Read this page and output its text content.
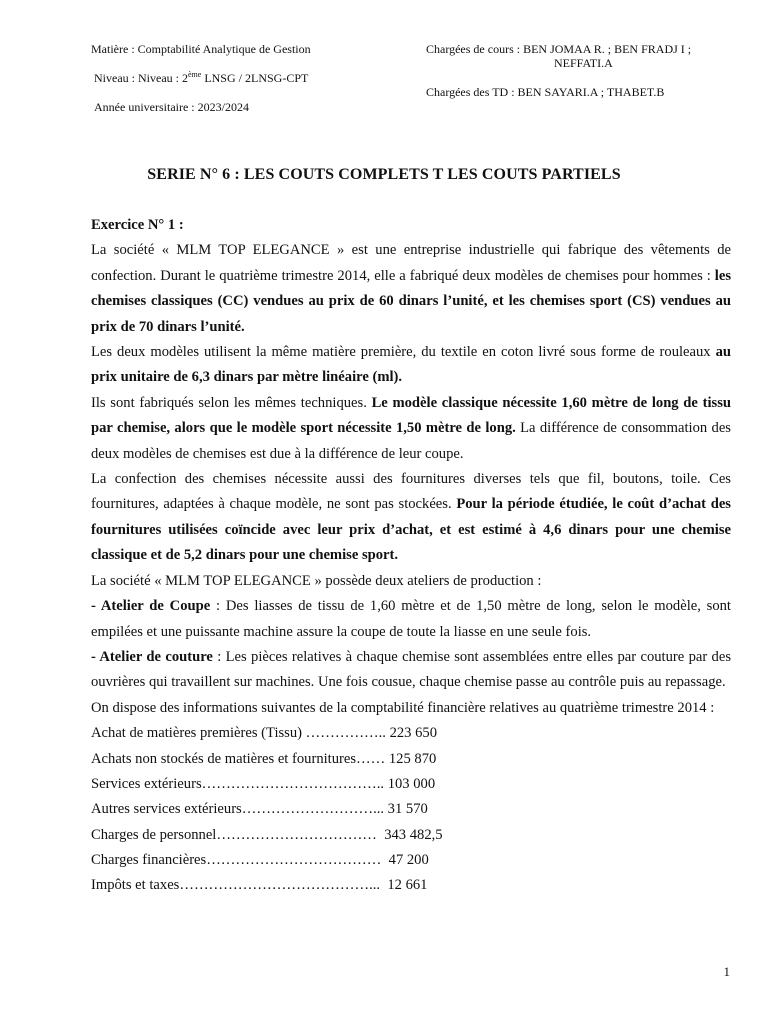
Matière : Comptabilité Analytique de Gestion
Niveau : Niveau : 2ème LNSG / 2LNSG-CPT
Année universitaire : 2023/2024
Chargées de cours : BEN JOMAA R. ; BEN FRADJ I ;
NEFFATI.A
Chargées des TD : BEN SAYARI.A ; THABET.B
SERIE N° 6 : LES COUTS COMPLETS T LES COUTS PARTIELS

Exercice N° 1 :

La société « MLM TOP ELEGANCE » est une entreprise industrielle qui fabrique des vêtements de confection. Durant le quatrième trimestre 2014, elle a fabriqué deux modèles de chemises pour hommes : les chemises classiques (CC) vendues au prix de 60 dinars l’unité, et les chemises sport (CS) vendues au prix de 70 dinars l’unité.

Les deux modèles utilisent la même matière première, du textile en coton livré sous forme de rouleaux au prix unitaire de 6,3 dinars par mètre linéaire (ml).

Ils sont fabriqués selon les mêmes techniques. Le modèle classique nécessite 1,60 mètre de long de tissu par chemise, alors que le modèle sport nécessite 1,50 mètre de long. La différence de consommation des deux modèles de chemises est due à la différence de leur coupe.

La confection des chemises nécessite aussi des fournitures diverses tels que fil, boutons, toile. Ces fournitures, adaptées à chaque modèle, ne sont pas stockées. Pour la période étudiée, le coût d’achat des fournitures utilisées coïncide avec leur prix d’achat, et est estimé à 4,6 dinars pour une chemise classique et de 5,2 dinars pour une chemise sport.

La société « MLM TOP ELEGANCE » possède deux ateliers de production :

- Atelier de Coupe : Des liasses de tissu de 1,60 mètre et de 1,50 mètre de long, selon le modèle, sont empilées et une puissante machine assure la coupe de toute la liasse en une seule fois.

- Atelier de couture : Les pièces relatives à chaque chemise sont assemblées entre elles par couture par des ouvrières qui travaillent sur machines. Une fois cousue, chaque chemise passe au contrôle puis au repassage.

On dispose des informations suivantes de la comptabilité financière relatives au quatrième trimestre 2014 :

Achat de matières premières (Tissu) …………….. 223 650
Achats non stockés de matières et fournitures…… 125 870
Services extérieurs……………………………….. 103 000
Autres services extérieurs………………………... 31 570
Charges de personnel……………………………  343 482,5
Charges financières………………………………  47 200
Impôts et taxes…………………………………...  12 661
1
